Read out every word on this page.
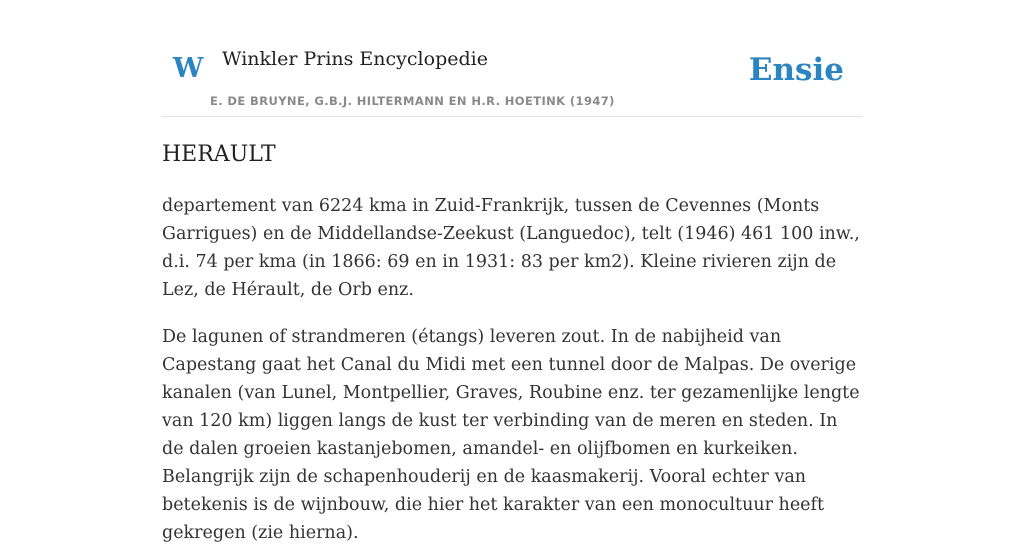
W Winkler Prins Encyclopedie
E. DE BRUYNE, G.B.J. HILTERMANN EN H.R. HOETINK (1947)
Ensie
HERAULT

departement van 6224 kma in Zuid-Frankrijk, tussen de Cevennes (Monts Garrigues) en de Middellandse-Zeekust (Languedoc), telt (1946) 461 100 inw., d.i. 74 per kma (in 1866: 69 en in 1931: 83 per km2). Kleine rivieren zijn de Lez, de Hérault, de Orb enz.

De lagunen of strandmeren (étangs) leveren zout. In de nabijheid van Capestang gaat het Canal du Midi met een tunnel door de Malpas. De overige kanalen (van Lunel, Montpellier, Graves, Roubine enz. ter gezamenlijke lengte van 120 km) liggen langs de kust ter verbinding van de meren en steden. In de dalen groeien kastanjebomen, amandel- en olijfbomen en kurkeiken. Belangrijk zijn de schapenhouderij en de kaasmakerij. Vooral echter van betekenis is de wijnbouw, die hier het karakter van een monocultuur heeft gekregen (zie hierna).
